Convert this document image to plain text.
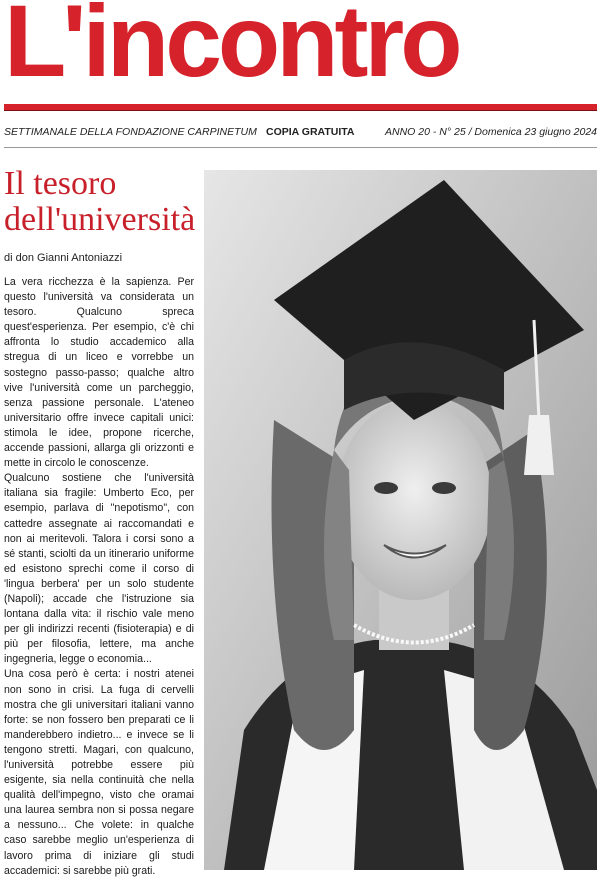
L'incontro
SETTIMANALE DELLA FONDAZIONE CARPINETUM COPIA GRATUITA	ANNO 20 - N° 25 / Domenica 23 giugno 2024
Il tesoro
dell'università
di don Gianni Antoniazzi

La vera ricchezza è la sapienza. Per questo l'università va considerata un tesoro. Qualcuno spreca quest'esperienza. Per esempio, c'è chi affronta lo studio accademico alla stregua di un liceo e vorrebbe un sostegno passo-passo; qualche altro vive l'università come un parcheggio, senza passione personale. L'ateneo universitario offre invece capitali unici: stimola le idee, propone ricerche, accende passioni, allarga gli orizzonti e mette in circolo le conoscenze.

Qualcuno sostiene che l'università italiana sia fragile: Umberto Eco, per esempio, parlava di "nepotismo", con cattedre assegnate ai raccomandati e non ai meritevoli. Talora i corsi sono a sé stanti, sciolti da un itinerario uniforme ed esistono sprechi come il corso di 'lingua berbera' per un solo studente (Napoli); accade che l'istruzione sia lontana dalla vita: il rischio vale meno per gli indirizzi recenti (fisioterapia) e di più per filosofia, lettere, ma anche ingegneria, legge o economia...

Una cosa però è certa: i nostri atenei non sono in crisi. La fuga di cervelli mostra che gli universitari italiani vanno forte: se non fossero ben preparati ce li manderebbero indietro... e invece se li tengono stretti. Magari, con qualcuno, l'università potrebbe essere più esigente, sia nella continuità che nella qualità dell'impegno, visto che oramai una laurea sembra non si possa negare a nessuno... Che volete: in qualche caso sarebbe meglio un'esperienza di lavoro prima di iniziare gli studi accademici: si sarebbe più grati.
